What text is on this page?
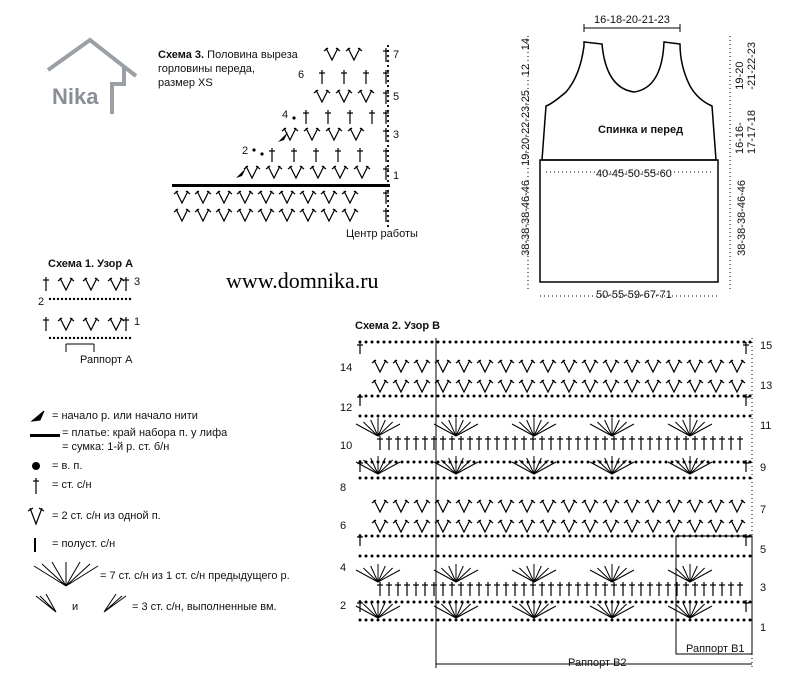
Nika
www.domnika.ru
Схема 3. Половина выреза
горловины переда,
размер XS
7
5
3
1
6
4
2
Центр работы
Схема 1. Узор А
3
1
2
Раппорт А
16-18-20-21-23
14
12
19-20-22-23-25
19-20
-21-22-23
16-16-
17-17-18
Спинка и перед
40-45-50-55-60
38-38-38-46-46	38-38-38-46-46
50-55-59-67-71
Схема 2. Узор В
15
13
11
9
7
5
3
1
14
12
10
8
6
4
2
Раппорт В1
Раппорт В2
= начало р. или начало нити
= платье: край набора п. у лифа
= сумка: 1-й р. ст. б/н
= в. п.
= ст. с/н
= 2 ст. с/н из одной п.
= полуст. с/н
= 7 ст. с/н из 1 ст. с/н предыдущего р.
и	= 3 ст. с/н, выполненные вм.
